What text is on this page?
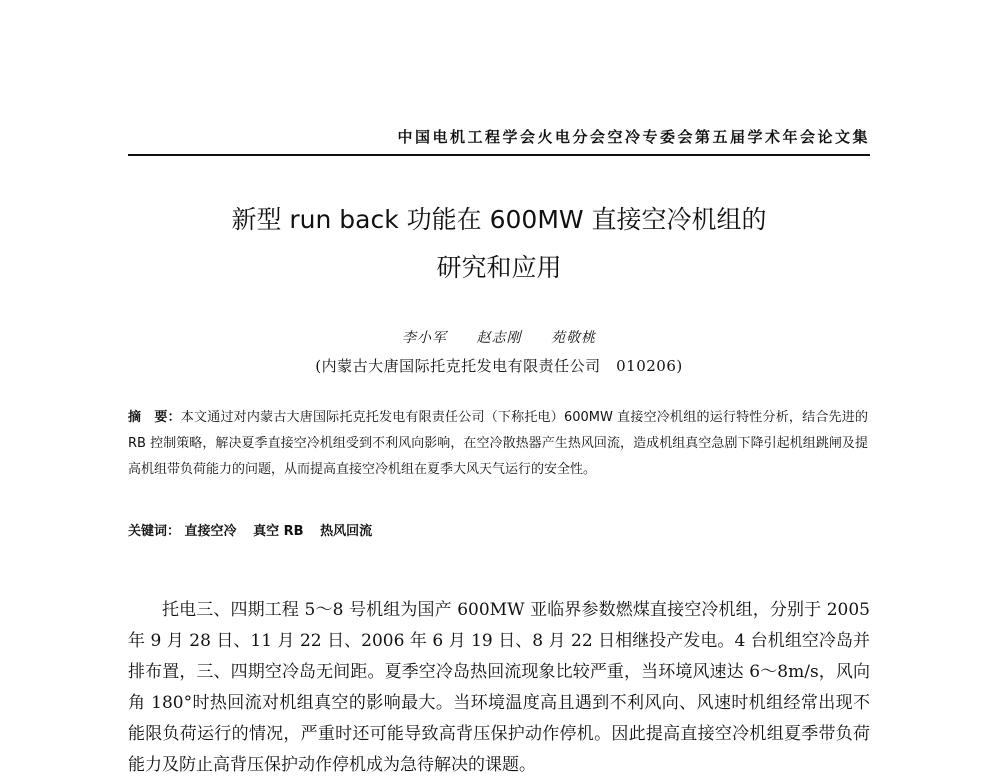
中国电机工程学会火电分会空冷专委会第五届学术年会论文集
新型 run back 功能在 600MW 直接空冷机组的
研究和应用
李小军 赵志刚 苑敬桃
(内蒙古大唐国际托克托发电有限责任公司　010206)
摘　要：本文通过对内蒙古大唐国际托克托发电有限责任公司（下称托电）600MW 直接空冷机组的运行特性分析，结合先进的 RB 控制策略，解决夏季直接空冷机组受到不利风向影响，在空冷散热器产生热风回流，造成机组真空急剧下降引起机组跳闸及提高机组带负荷能力的问题，从而提高直接空冷机组在夏季大风天气运行的安全性。
关键词： 直接空冷 真空 RB 热风回流

托电三、四期工程 5～8 号机组为国产 600MW 亚临界参数燃煤直接空冷机组，分别于 2005 年 9 月 28 日、11 月 22 日、2006 年 6 月 19 日、8 月 22 日相继投产发电。4 台机组空冷岛并排布置，三、四期空冷岛无间距。夏季空冷岛热回流现象比较严重，当环境风速达 6～8m/s，风向角 180°时热回流对机组真空的影响最大。当环境温度高且遇到不利风向、风速时机组经常出现不能限负荷运行的情况，严重时还可能导致高背压保护动作停机。因此提高直接空冷机组夏季带负荷能力及防止高背压保护动作停机成为急待解决的课题。
